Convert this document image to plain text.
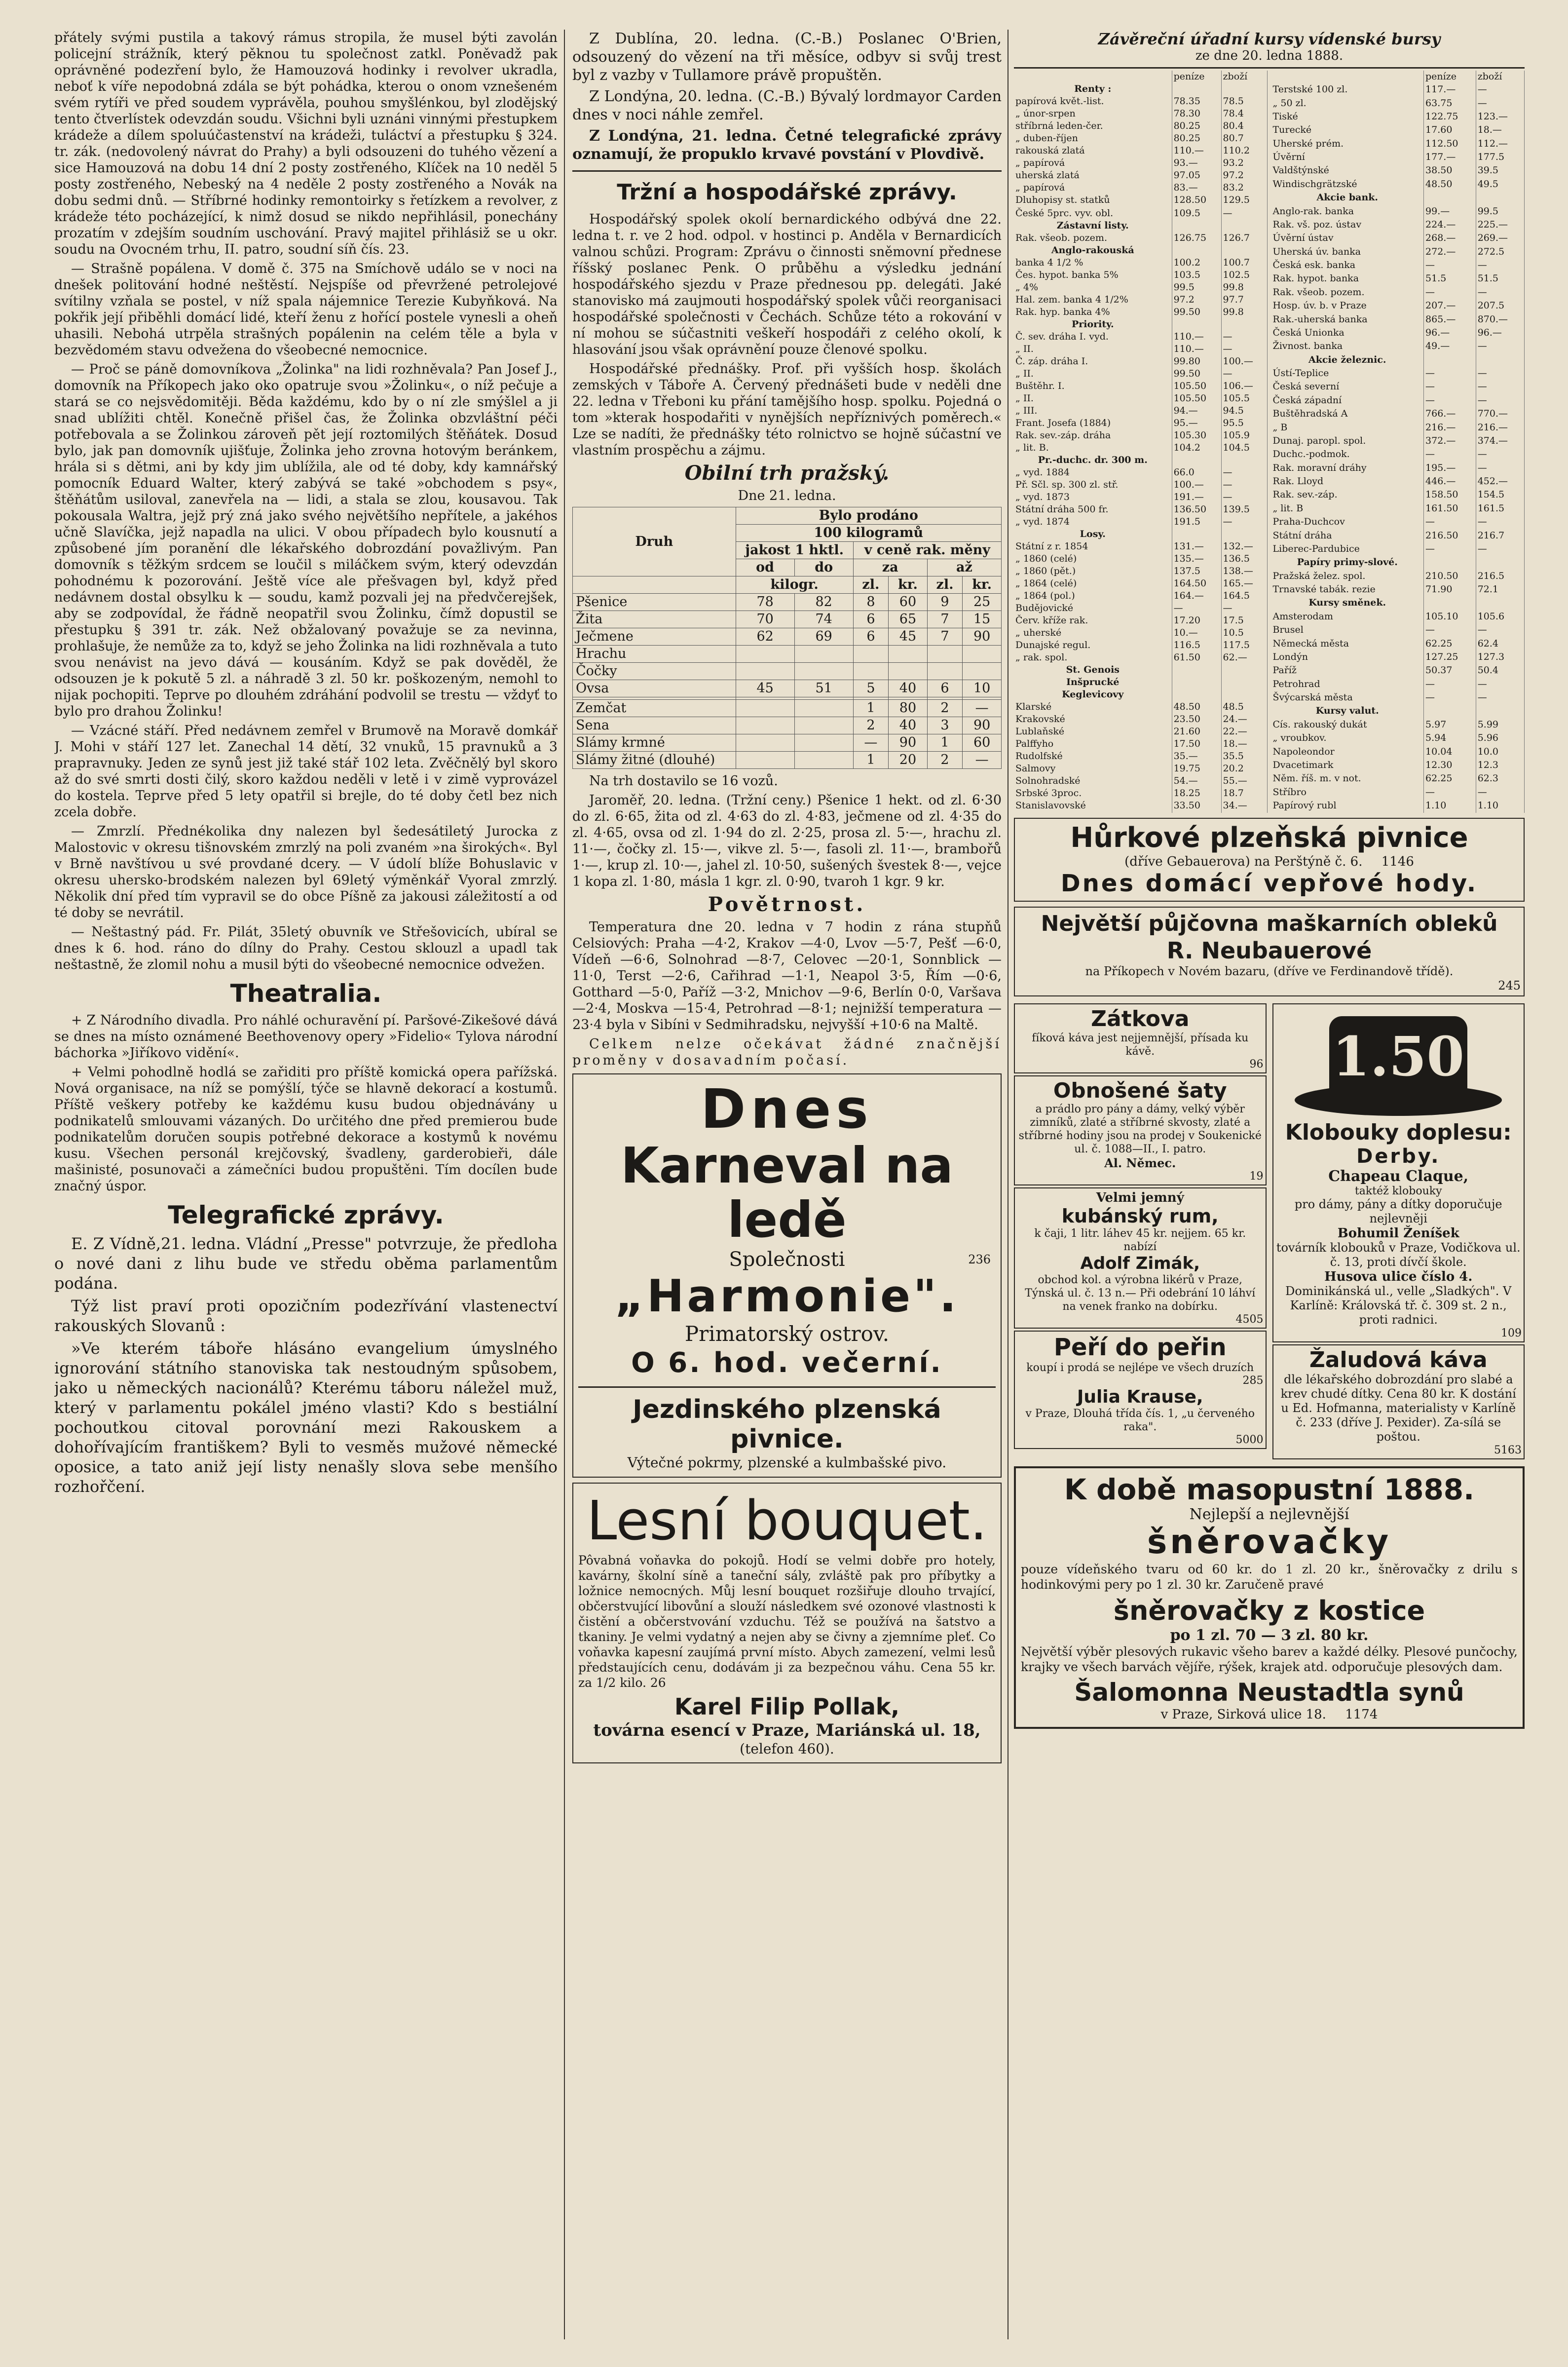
přátely svými pustila a takový rámus stropila, že musel býti zavolán policejní strážník, který pěknou tu společnost zatkl. Poněvadž pak oprávněné podezření bylo, že Hamouzová hodinky i revolver ukradla, neboť k víře nepodobná zdála se být pohádka, kterou o onom vznešeném svém rytíři ve před soudem vyprávěla, pouhou smyšlénkou, byl zlodějský tento čtverlístek odevzdán soudu. Všichni byli uznáni vinnými přestupkem krádeže a dílem spoluúčastenství na krádeži, tuláctví a přestupku § 324. tr. zák. (nedovolený návrat do Prahy) a byli odsouzeni do tuhého vězení a sice Hamouzová na dobu 14 dní 2 posty zostřeného, Klíček na 10 neděl 5 posty zostřeného, Nebeský na 4 neděle 2 posty zostřeného a Novák na dobu sedmi dnů. — Stříbrné hodinky remontoirky s řetízkem a revolver, z krádeže této pocházející, k nimž dosud se nikdo nepřihlásil, ponechány prozatím v zdejším soudním uschování. Pravý majitel přihlásiž se u okr. soudu na Ovocném trhu, II. patro, soudní síň čís. 23.

— Strašně popálena. V domě č. 375 na Smíchově událo se v noci na dnešek politování hodné neštěstí. Nejspíše od převržené petrolejové svítilny vzňala se postel, v níž spala nájemnice Terezie Kubyňková. Na pokřik její přiběhli domácí lidé, kteří ženu z hořící postele vynesli a oheň uhasili. Nebohá utrpěla strašných popálenin na celém těle a byla v bezvědomém stavu odvežena do všeobecné nemocnice.

— Proč se páně domovníkova „Žolinka" na lidi rozhněvala? Pan Josef J., domovník na Příkopech jako oko opatruje svou »Žolinku«, o níž pečuje a stará se co nejsvědomitěji. Běda každému, kdo by o ní zle smýšlel a ji snad ublížiti chtěl. Konečně přišel čas, že Žolinka obzvláštní péči potřebovala a se Žolinkou zároveň pět její roztomilých štěňátek. Dosud bylo, jak pan domovník ujišťuje, Žolinka jeho zrovna hotovým beránkem, hrála si s dětmi, ani by kdy jim ublížila, ale od té doby, kdy kamnářský pomocník Eduard Walter, který zabývá se také »obchodem s psy«, štěňátům usiloval, zanevřela na — lidi, a stala se zlou, kousavou. Tak pokousala Waltra, jejž prý zná jako svého největšího nepřítele, a jakéhos učně Slavíčka, jejž napadla na ulici. V obou případech bylo kousnutí a způsobené jím poranění dle lékařského dobrozdání považlivým. Pan domovník s těžkým srdcem se loučil s miláčkem svým, který odevzdán pohodnému k pozorování. Ještě více ale přešvagen byl, když před nedávnem dostal obsylku k — soudu, kamž pozvali jej na předvčerejšek, aby se zodpovídal, že řádně neopatřil svou Žolinku, čímž dopustil se přestupku § 391 tr. zák. Než obžalovaný považuje se za nevinna, prohlašuje, že nemůže za to, když se jeho Žolinka na lidi rozhněvala a tuto svou nenávist na jevo dává — kousáním. Když se pak dověděl, že odsouzen je k pokutě 5 zl. a náhradě 3 zl. 50 kr. poškozeným, nemohl to nijak pochopiti. Teprve po dlouhém zdráhání podvolil se trestu — vždyť to bylo pro drahou Žolinku!

— Vzácné stáří. Před nedávnem zemřel v Brumově na Moravě domkář J. Mohi v stáří 127 let. Zanechal 14 dětí, 32 vnuků, 15 pravnuků a 3 prapravnuky. Jeden ze synů jest již také stář 102 leta. Zvěčnělý byl skoro až do své smrti dosti čilý, skoro každou neděli v letě i v zimě vyprovázel do kostela. Teprve před 5 lety opatřil si brejle, do té doby četl bez nich zcela dobře.

— Zmrzlí. Přednékolika dny nalezen byl šedesátiletý Jurocka z Malostovic v okresu tišnovském zmrzlý na poli zvaném »na širokých«. Byl v Brně navštívou u své provdané dcery. — V údolí blíže Bohuslavic v okresu uhersko-brodském nalezen byl 69letý výměnkář Vyoral zmrzlý. Několik dní před tím vypravil se do obce Píšně za jakousi záležitostí a od té doby se nevrátil.

— Neštastný pád. Fr. Pilát, 35letý obuvník ve Střešovicích, ubíral se dnes k 6. hod. ráno do dílny do Prahy. Cestou sklouzl a upadl tak neštastně, že zlomil nohu a musil býti do všeobecné nemocnice odvežen.

Theatralia.

+ Z Národního divadla. Pro náhlé ochuravění pí. Paršové-Zikešové dává se dnes na místo oznámené Beethovenovy opery »Fidelio« Tylova národní báchorka »Jiříkovo vidění«.

+ Velmi pohodlně hodlá se zařiditi pro příště komická opera pařížská. Nová organisace, na níž se pomýšlí, týče se hlavně dekorací a kostumů. Příště veškery potřeby ke každému kusu budou objednávány u podnikatelů smlouvami vázaných. Do určitého dne před premierou bude podnikatelům doručen soupis potřebné dekorace a kostymů k novému kusu. Všechen personál krejčovský, švadleny, garderobieři, dále mašinisté, posunovači a zámečníci budou propuštěni. Tím docílen bude značný úspor.

Telegrafické zprávy.

E. Z Vídně,21. ledna. Vládní „Presse" potvrzuje, že předloha o nové dani z lihu bude ve středu oběma parlamentům podána.

Týž list praví proti opozičním podezřívání vlastenectví rakouských Slovanů :

»Ve kterém táboře hlásáno evangelium úmyslného ignorování státního stanoviska tak nestoudným spůsobem, jako u německých nacionálů? Kterému táboru náležel muž, který v parlamentu pokálel jméno vlasti? Kdo s bestiální pochoutkou citoval porovnání mezi Rakouskem a dohořívajícím františkem? Byli to vesměs mužové německé oposice, a tato aniž její listy nenašly slova sebe menšího rozhořčení.

Z Dublína, 20. ledna. (C.-B.) Poslanec O'Brien, odsouzený do vězení na tři měsíce, odbyv si svůj trest byl z vazby v Tullamore právě propuštěn.

Z Londýna, 20. ledna. (C.-B.) Bývalý lordmayor Carden dnes v noci náhle zemřel.

Z Londýna, 21. ledna. Četné telegrafické zprávy oznamují, že propuklo krvavé povstání v Plovdivě.

Tržní a hospodářské zprávy.

Hospodářský spolek okolí bernardického odbývá dne 22. ledna t. r. ve 2 hod. odpol. v hostinci p. Anděla v Bernardicích valnou schůzi. Program: Zprávu o činnosti sněmovní přednese říšský poslanec Penk. O průběhu a výsledku jednání hospodářského sjezdu v Praze přednesou pp. delegáti. Jaké stanovisko má zaujmouti hospodářský spolek vůči reorganisaci hospodářské společnosti v Čechách. Schůze této a rokování v ní mohou se súčastniti veškeří hospodáři z celého okolí, k hlasování jsou však oprávnění pouze členové spolku.

Hospodářské přednášky. Prof. při vyšších hosp. školách zemských v Táboře A. Červený přednášeti bude v neděli dne 22. ledna v Třeboni ku přání tamějšího hosp. spolku. Pojedná o tom »kterak hospodařiti v nynějších nepříznivých poměrech.« Lze se nadíti, že přednášky této rolnictvo se hojně súčastní ve vlastním prospěchu a zájmu.

Obilní trh pražský.

Dne 21. ledna.

Druh	Bylo prodáno					
	100 kilogramů					
	jakost 1 hktl.		v ceně rak. měny			
	od	do	za		až	
	kilogr.		zl.	kr.	zl.	kr.
Pšenice	78	82	8	60	9	25
Žita	70	74	6	65	7	15
Ječmene	62	69	6	45	7	90
Hrachu						
Čočky						
Ovsa	45	51	5	40	6	10

Zemčat			1	80	2	—
Sena			2	40	3	90
Slámy krmné			—	90	1	60
Slámy žitné (dlouhé)			1	20	2	—

Na trh dostavilo se 16 vozů.

Jaroměř, 20. ledna. (Tržní ceny.) Pšenice 1 hekt. od zl. 6·30 do zl. 6·65, žita od zl. 4·63 do zl. 4·83, ječmene od zl. 4·35 do zl. 4·65, ovsa od zl. 1·94 do zl. 2·25, prosa zl. 5·—, hrachu zl. 11·—, čočky zl. 15·—, vikve zl. 5·—, fasoli zl. 11·—, brambořů 1·—, krup zl. 10·—, jahel zl. 10·50, sušených švestek 8·—, vejce 1 kopa zl. 1·80, másla 1 kgr. zl. 0·90, tvaroh 1 kgr. 9 kr.

Povětrnost.

Temperatura dne 20. ledna v 7 hodin z rána stupňů Celsiových: Praha —4·2, Krakov —4·0, Lvov —5·7, Pešť —6·0, Vídeň —6·6, Solnohrad —8·7, Celovec —20·1, Sonnblick —11·0, Terst —2·6, Cařihrad —1·1, Neapol 3·5, Řím —0·6, Gotthard —5·0, Paříž —3·2, Mnichov —9·6, Berlín 0·0, Varšava —2·4, Moskva —15·4, Petrohrad —8·1; nejnižší temperatura —23·4 byla v Sibíni v Sedmihradsku, nejvyšší +10·6 na Maltě.

Celkem nelze očekávat žádné značnější proměny v dosavadním počasí.

Dnes
Karneval na ledě
Společnosti	236
„Harmonie".
Primatorský ostrov.
O 6. hod. večerní.
Jezdinského plzenská pivnice.
Výtečné pokrmy, plzenské a kulmbašské pivo.
Lesní bouquet.

Pôvabná voňavka do pokojů. Hodí se velmi dobře pro hotely, kavárny, školní síně a taneční sály, zvláště pak pro příbytky a ložnice nemocných. Můj lesní bouquet rozšiřuje dlouho trvající, občerstvující libovůní a slouží následkem své ozonové vlastnosti k čistění a občerstvování vzduchu. Též se používá na šatstvo a tkaniny. Je velmi vydatný a nejen aby se čivny a zjemníme pleť. Co voňavka kapesní zaujímá první místo. Abych zamezení, velmi lesů předstaujících cenu, dodávám ji za bezpečnou váhu. Cena 55 kr. za 1/2 kilo. 26

Karel Filip Pollak,
továrna esencí v Praze, Mariánská ul. 18,
(telefon 460).
Závěreční úřadní kursy vídenské bursy
ze dne 20. ledna 1888.
	peníze	zboží
Renty :		
papírová květ.-list.	78.35	78.5
„ únor-srpen	78.30	78.4
stříbrná leden-čer.	80.25	80.4
„ duben-říjen	80.25	80.7
rakouská zlatá	110.—	110.2
„ papírová	93.—	93.2
uherská zlatá	97.05	97.2
„ papírová	83.—	83.2
Dluhopisy st. statků	128.50	129.5

České 5prc. vyv. obl.	109.5	—
Zástavní listy.		
Rak. všeob. pozem.	126.75	126.7
Anglo-rakouská		
banka 4 1/2 %	100.2	100.7
Čes. hypot. banka 5%	103.5	102.5
„ 4%	99.5	99.8
Hal. zem. banka 4 1/2%	97.2	97.7
Rak. hyp. banka 4%	99.50	99.8
Priority.		
Č. sev. dráha I. vyd.	110.—	—
„ II.	110.—	—
Č. záp. dráha I.	99.80	100.—
„ II.	99.50	—
Buštěhr. I.	105.50	106.—
„ II.	105.50	105.5
„ III.	94.—	94.5
Frant. Josefa (1884)	95.—	95.5
Rak. sev.-záp. dráha	105.30	105.9
„ lit. B.	104.2	104.5
Pr.-duchc. dr. 300 m.		
„ vyd. 1884	66.0	—
Př. Sčl. sp. 300 zl. stř.	100.—	—
„ vyd. 1873	191.—	—
Státní dráha 500 fr.	136.50	139.5
„ vyd. 1874	191.5	—
Losy.		
Státní z r. 1854	131.—	132.—
„ 1860 (celé)	135.—	136.5
„ 1860 (pět.)	137.5	138.—
„ 1864 (celé)	164.50	165.—
„ 1864 (pol.)	164.—	164.5
Budějovické	—	—
Červ. kříže rak.	17.20	17.5
„ uherské	10.—	10.5
Dunajské regul.	116.5	117.5
„ rak. spol.	61.50	62.—
St. Genois		
Inšprucké		
Keglevicovy		
Klarské	48.50	48.5
Krakovské	23.50	24.—
Lublaňské	21.60	22.—
Palffyho	17.50	18.—
Rudolfské	35.—	35.5
Salmovy	19.75	20.2
Solnohradské	54.—	55.—
Srbské 3proc.	18.25	18.7
Stanislavovské	33.50	34.—

	peníze	zboží
Terstské 100 zl.	117.—	—
„ 50 zl.	63.75	—
Tiské	122.75	123.—
Turecké	17.60	18.—
Uherské prém.	112.50	112.—
Úvěrní	177.—	177.5
Valdštýnské	38.50	39.5
Windischgrätzské	48.50	49.5
Akcie bank.		
Anglo-rak. banka	99.—	99.5
Rak. vš. poz. ústav	224.—	225.—
Úvěrní ústav	268.—	269.—
Uherská úv. banka	272.—	272.5
Česká esk. banka	—	—
Rak. hypot. banka	51.5	51.5
Rak. všeob. pozem.	—	—
Hosp. úv. b. v Praze	207.—	207.5
Rak.-uherská banka	865.—	870.—
Česká Unionka	96.—	96.—
Živnost. banka	49.—	—
Akcie železnic.		
Ústí-Teplice	—	—
Česká severní	—	—
Česká západní	—	—
Buštěhradská A	766.—	770.—
„ B	216.—	216.—
Dunaj. paropl. spol.	372.—	374.—
Duchc.-podmok.	—	—
Rak. moravní dráhy	195.—	—
Rak. Lloyd	446.—	452.—
Rak. sev.-záp.	158.50	154.5
„ lit. B	161.50	161.5
Praha-Duchcov	—	—
Státní dráha	216.50	216.7
Liberec-Pardubice	—	—
Papíry primy-slové.		
Pražská želez. spol.	210.50	216.5
Trnavské tabák. rezie	71.90	72.1
Kursy směnek.		
Amsterodam	105.10	105.6
Brusel	—	—
Německá města	62.25	62.4
Londýn	127.25	127.3
Paříž	50.37	50.4
Petrohrad	—	—
Švýcarská města	—	—
Kursy valut.		
Cís. rakouský dukát	5.97	5.99
„ vroubkov.	5.94	5.96
Napoleondor	10.04	10.0
Dvacetimark	12.30	12.3
Něm. říš. m. v not.	62.25	62.3
Stříbro	—	—
Papírový rubl	1.10	1.10
Hůrkové plzeňská pivnice
(dříve Gebauerova) na Perštýně č. 6. 1146
Dnes domácí vepřové hody.
Největší půjčovna maškarních obleků
R. Neubauerové
na Příkopech v Novém bazaru, (dříve ve Ferdinandově třídě).
245
Zátkova
fíková káva jest nejjemnější, přísada ku kávě.
96
Obnošené šaty
a prádlo pro pány a dámy, velký výběr zimníků, zlaté a stříbrné skvosty, zlaté a stříbrné hodiny jsou na prodej v Soukenické ul. č. 1088—II., I. patro.
Al. Němec.
19
Velmi jemný
kubánský rum,
k čaji, 1 litr. láhev 45 kr. nejjem. 65 kr. nabízí
Adolf Zimák,
obchod kol. a výrobna likérů v Praze, Týnská ul. č. 13 n.— Při odebrání 10 láhví na venek franko na dobírku.
4505
Peří do peřin
koupí i prodá se nejlépe ve všech druzích
285
Julia Krause,
v Praze, Dlouhá třída čís. 1, „u červeného raka".
5000
1.50
Klobouky doplesu:
Derby.
Chapeau Claque,
taktéž klobouky
pro dámy, pány a dítky doporučuje nejlevněji
Bohumil Ženíšek
továrník klobouků v Praze, Vodičkova ul. č. 13, proti dívčí škole.
Husova ulice číslo 4.
Dominikánská ul., velle „Sladkých". V Karlíně: Královská tř. č. 309 st. 2 n., proti radnici.
109
Žaludová káva
dle lékařského dobrozdání pro slabé a krev chudé dítky. Cena 80 kr. K dostání u Ed. Hofmanna, materialisty v Karlíně č. 233 (dříve J. Pexider). Za-sílá se poštou.
5163
K době masopustní 1888.
Nejlepší a nejlevnější
šněrovačky

pouze vídeňského tvaru od 60 kr. do 1 zl. 20 kr., šněrovačky z drilu s hodinkovými pery po 1 zl. 30 kr. Zaručeně pravé

šněrovačky z kostice
po 1 zl. 70 — 3 zl. 80 kr.

Největší výběr plesových rukavic všeho barev a každé délky. Plesové punčochy, krajky ve všech barvách vějíře, rýšek, krajek atd. odporučuje plesových dam.

Šalomonna Neustadtla synů
v Praze, Sirková ulice 18. 1174
